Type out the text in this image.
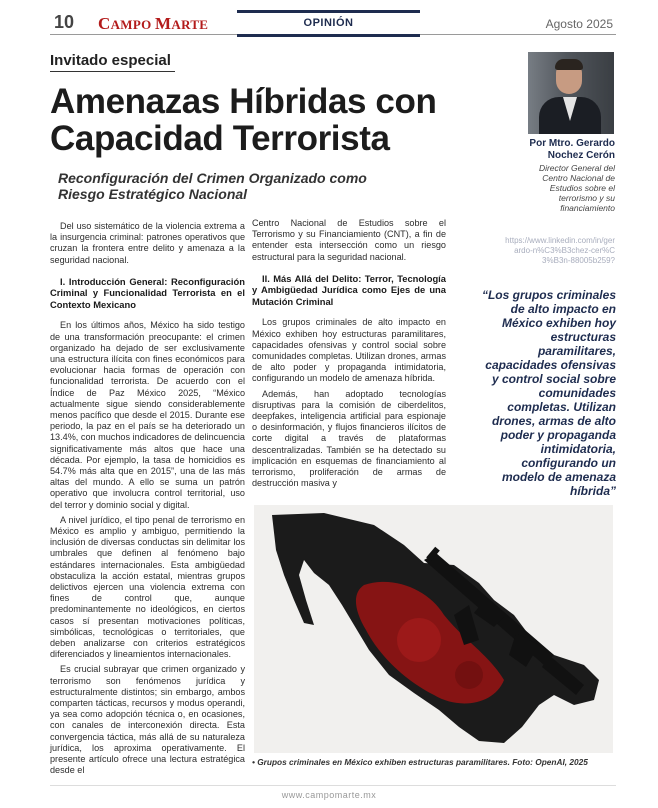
10 CAMPO MARTE	OPINIÓN	Agosto 2025
Invitado especial
Amenazas Híbridas con
Capacidad Terrorista
Reconfiguración del Crimen Organizado como
Riesgo Estratégico Nacional
Por Mtro. Gerardo
Nochez Cerón
Director General del Centro Nacional de Estudios sobre el terrorismo y su financiamiento
https://www.linkedin.com/in/gerardo-n%C3%B3chez-cer%C3%B3n-88005b259?
“Los grupos criminales de alto impacto en México exhiben hoy estructuras paramilitares, capacidades ofensivas y control social sobre comunidades completas. Utilizan drones, armas de alto poder y propaganda intimidatoria, configurando un modelo de amenaza híbrida”

Del uso sistemático de la violencia extrema a la insurgencia criminal: patrones operativos que cruzan la frontera entre delito y amenaza a la seguridad nacional.

I. Introducción General: Reconfiguración Criminal y Funcionalidad Terrorista en el Contexto Mexicano

En los últimos años, México ha sido testigo de una transformación preocupante: el crimen organizado ha dejado de ser exclusivamente una estructura ilícita con fines económicos para evolucionar hacia formas de operación con funcionalidad terrorista. De acuerdo con el Índice de Paz México 2025, “México actualmente sigue siendo considerablemente menos pacífico que desde el 2015. Durante ese periodo, la paz en el país se ha deteriorado un 13.4%, con muchos indicadores de delincuencia significativamente más altos que hace una década. Por ejemplo, la tasa de homicidios es 54.7% más alta que en 2015”, una de las más altas del mundo. A ello se suma un patrón operativo que involucra control territorial, uso del terror y dominio social y digital.

A nivel jurídico, el tipo penal de terrorismo en México es amplio y ambiguo, permitiendo la inclusión de diversas conductas sin delimitar los umbrales que definen al fenómeno bajo estándares internacionales. Esta ambigüedad obstaculiza la acción estatal, mientras grupos delictivos ejercen una violencia extrema con fines de control que, aunque predominantemente no ideológicos, en ciertos casos sí presentan motivaciones políticas, simbólicas, tecnológicas o territoriales, que deben analizarse con criterios estratégicos diferenciados y lineamientos internacionales.

Es crucial subrayar que crimen organizado y terrorismo son fenómenos jurídica y estructuralmente distintos; sin embargo, ambos comparten tácticas, recursos y modus operandi, ya sea como adopción técnica o, en ocasiones, con canales de interconexión directa. Esta convergencia táctica, más allá de su naturaleza jurídica, los aproxima operativamente. El presente artículo ofrece una lectura estratégica desde el

Centro Nacional de Estudios sobre el Terrorismo y su Financiamiento (CNT), a fin de entender esta intersección como un riesgo estructural para la seguridad nacional.

II. Más Allá del Delito: Terror, Tecnología y Ambigüedad Jurídica como Ejes de una Mutación Criminal

Los grupos criminales de alto impacto en México exhiben hoy estructuras paramilitares, capacidades ofensivas y control social sobre comunidades completas. Utilizan drones, armas de alto poder y propaganda intimidatoria, configurando un modelo de amenaza híbrida.

Además, han adoptado tecnologías disruptivas para la comisión de ciberdelitos, deepfakes, inteligencia artificial para espionaje o desinformación, y flujos financieros ilícitos de corte digital a través de plataformas descentralizadas. También se ha detectado su implicación en esquemas de financiamiento al terrorismo, proliferación de armas de destrucción masiva y

• Grupos criminales en México exhiben estructuras paramilitares. Foto: OpenAI, 2025
www.campomarte.mx
